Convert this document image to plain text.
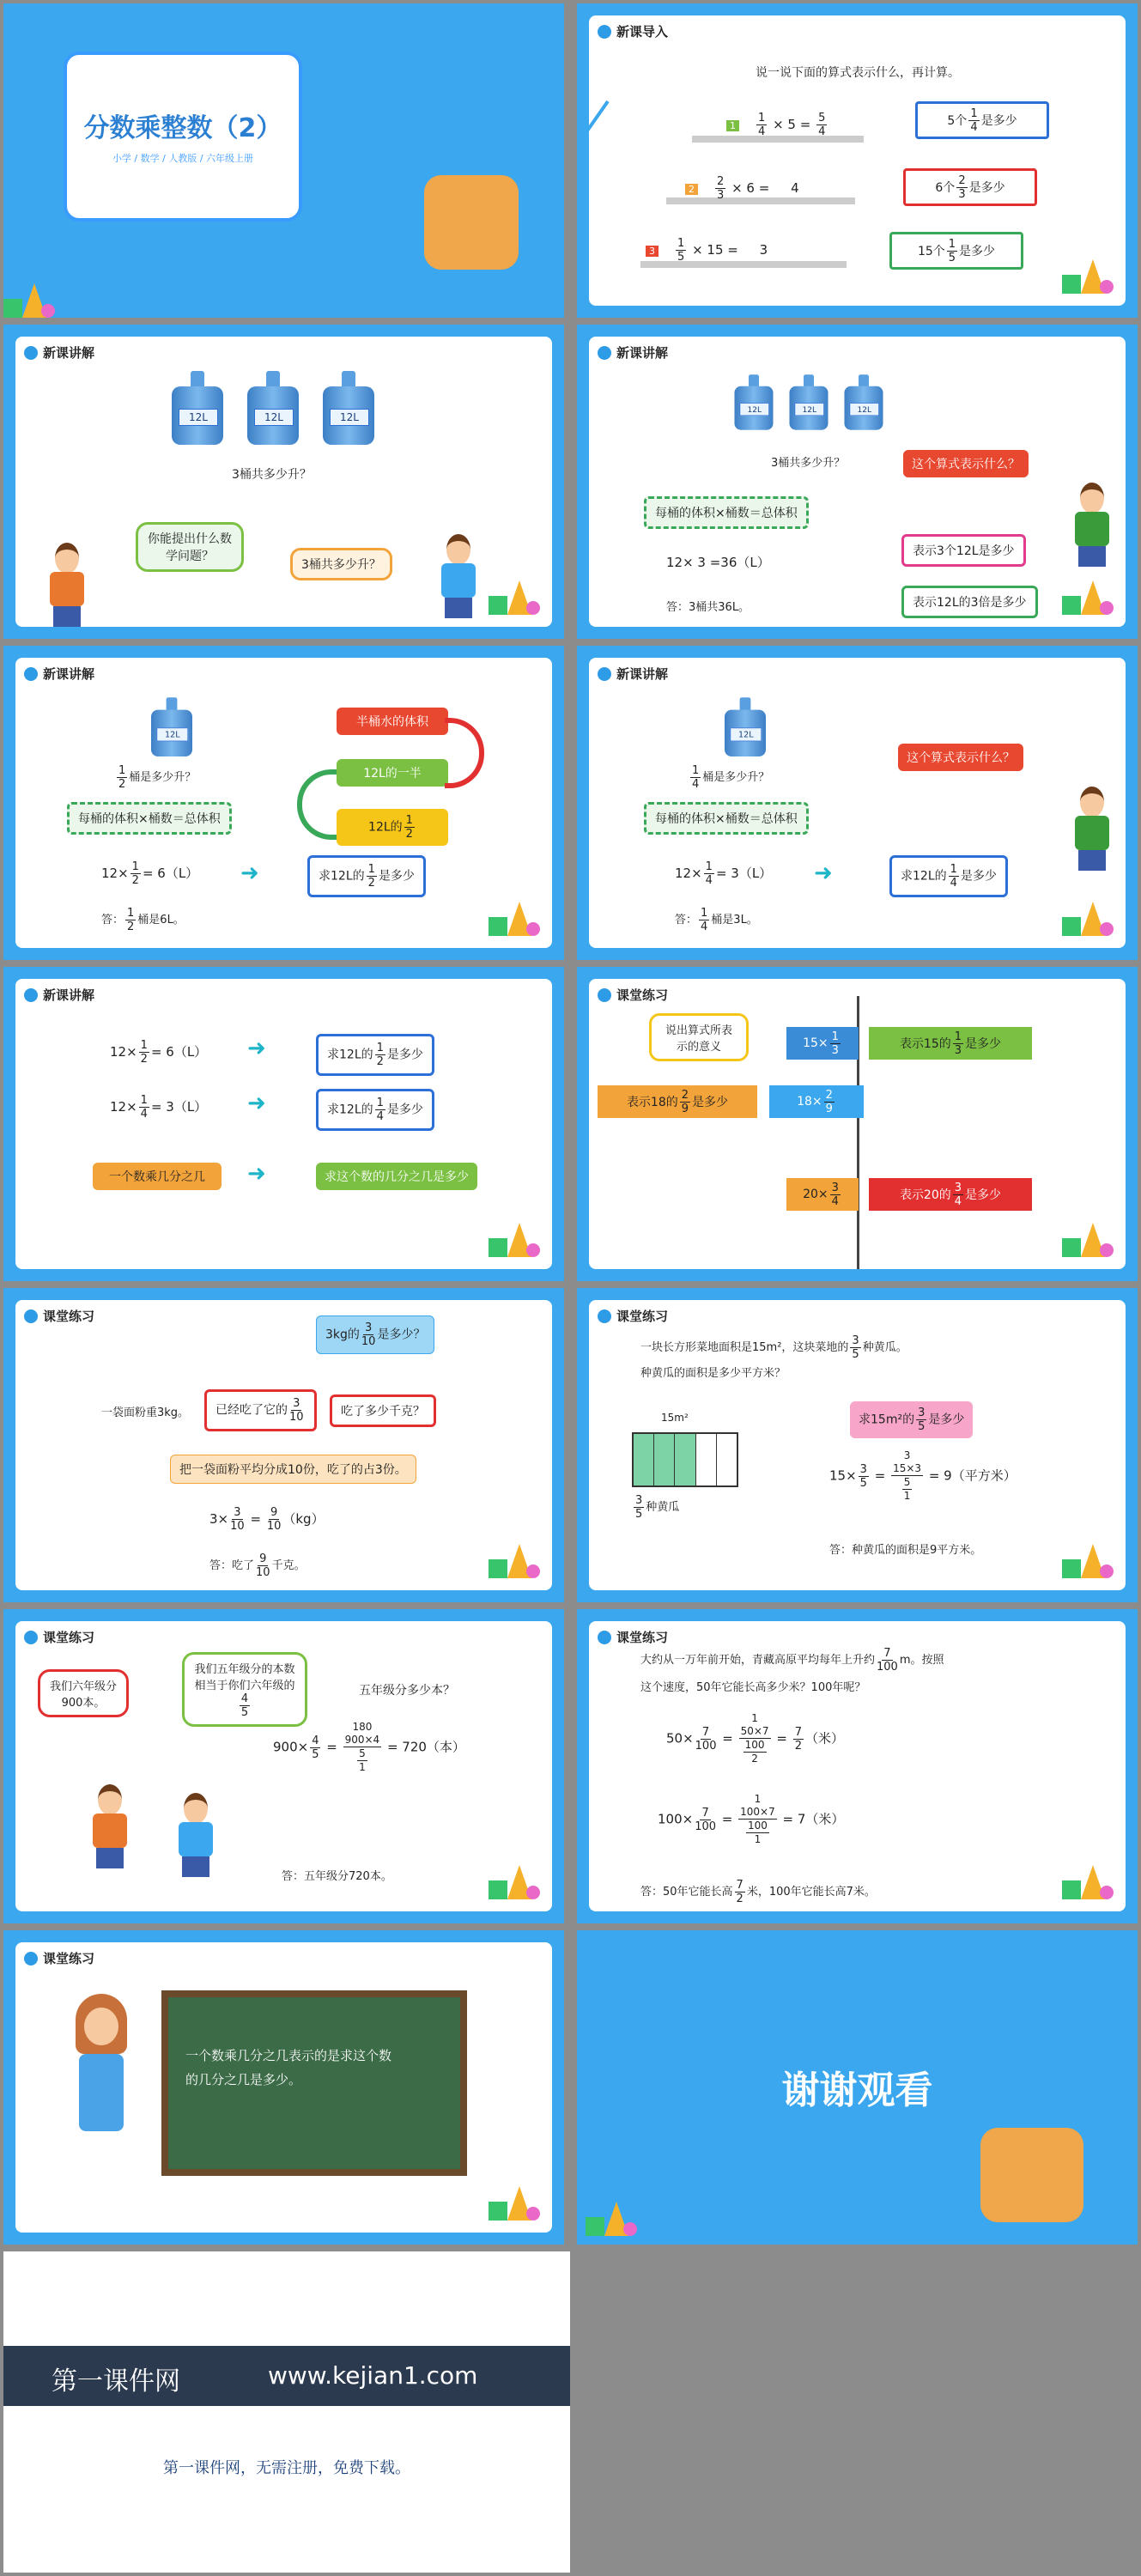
分数乘整数（2）
小学 / 数学 / 人教版 / 六年级上册
新课导入
说一说下面的算式表示什么，再计算。
$1 \frac{1}{4} \times 5 = \frac{5}{4}$	5个 $\frac{1}{4}$ 是多少
$2 \frac{2}{3} \times 6 = 4$	6个 $\frac{2}{3}$ 是多少
$3 \frac{1}{5} \times 15 = 3$	15个 $\frac{1}{5}$ 是多少
新课讲解
12L	12L	12L
3桶共多少升？
你能提出什么数学问题？
3桶共多少升？
新课讲解
12L	12L	12L
3桶共多少升？	这个算式表示什么？
每桶的体积×桶数＝总体积
12× 3 =36（L）
表示3个12L是多少
表示12L的3倍是多少
答：3桶共36L。
新课讲解
12L
$\frac{1}{2}$ 桶是多少升？
每桶的体积×桶数＝总体积
半桶水的体积
12L的一半
12L的 $\frac{1}{2}$
$12\times \frac{1}{2} = 6(L)$ ➜	求12L的 $\frac{1}{2}$ 是多少
答： $\frac{1}{2}$ 桶是6L。
新课讲解
12L
$\frac{1}{4}$ 桶是多少升？
这个算式表示什么？
每桶的体积×桶数＝总体积
$12\times \frac{1}{4} = 3(L)$ ➜	求12L的 $\frac{1}{4}$ 是多少
答： $\frac{1}{4}$ 桶是3L。
新课讲解
$12\times \frac{1}{2} = 6(L)$ ➜	求12L的 $\frac{1}{2}$ 是多少
$12\times \frac{1}{4} = 3(L)$ ➜	求12L的 $\frac{1}{4}$ 是多少
一个数乘几分之几	➜	求这个数的几分之几是多少
课堂练习
说出算式所表示的意义	$15\times \frac{1}{3}$	表示15的 $\frac{1}{3}$ 是多少
表示18的 $\frac{2}{9}$ 是多少	$18\times \frac{2}{9}$
$20\times \frac{3}{4}$	表示20的 $\frac{3}{4}$ 是多少
课堂练习
3kg的 $\frac{3}{10}$ 是多少？
一袋面粉重3kg。	已经吃了它的 $\frac{3}{10}$	吃了多少千克？
把一袋面粉平均分成10份，吃了的占3份。
$3\times \frac{3}{10} = \frac{9}{10} (kg)$
答：吃了 $\frac{9}{10}$ 千克。
课堂练习
一块长方形菜地面积是15m²，这块菜地的 $\frac{3}{5}$ 种黄瓜。
种黄瓜的面积是多少平方米？
15m²
$\frac{3}{5}$ 种黄瓜
求15m²的 $\frac{3}{5}$ 是多少
$15\times \frac{3}{5}$ =
3
15×3
5
1
= 9（平方米）
答：种黄瓜的面积是9平方米。
课堂练习
我们六年级分900本。
我们五年级分的本数相当于你们六年级的
$\frac{4}{5}$
五年级分多少本？
$900\times \frac{4}{5}$ =
180
900×4
5
1
= 720（本）
答：五年级分720本。
课堂练习
大约从一万年前开始，青藏高原平均每年上升约 $\frac{7}{100}$ m。按照
这个速度，50年它能长高多少米？100年呢？
$50\times \frac{7}{100}$ =
1
50×7
100
2
= $\frac{7}{2}$ （米）
$100\times \frac{7}{100}$ =
1
100×7
100
1
= 7（米）
答：50年它能长高 $\frac{7}{2}$ 米，100年它能长高7米。
课堂练习
一个数乘几分之几表示的是求这个数的几分之几是多少。	谢谢观看
第一课件网	www.kejian1.com
第一课件网，无需注册，免费下载。
